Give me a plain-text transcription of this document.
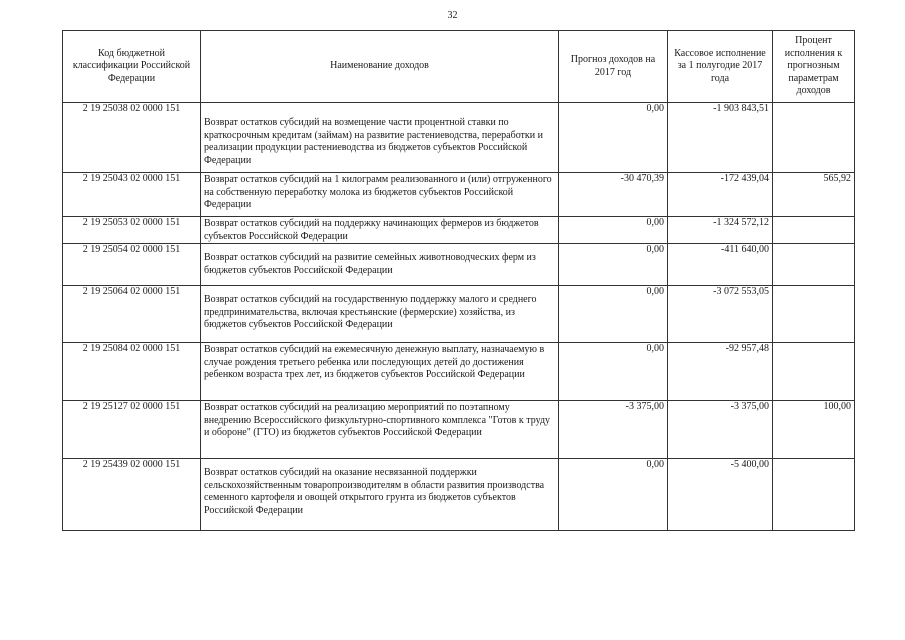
32
Код бюджетной классификации Российской Федерации	Наименование доходов	Прогноз доходов на 2017 год	Кассовое исполнение за 1 полугодие 2017 года	Процент исполнения к прогнозным параметрам доходов
2 19 25038 02 0000 151	Возврат остатков субсидий на возмещение части процентной ставки по краткосрочным кредитам (займам) на развитие растениеводства, переработки и реализации продукции растениеводства из бюджетов субъектов Российской Федерации	0,00	-1 903 843,51	
2 19 25043 02 0000 151	Возврат остатков субсидий на 1 килограмм реализованного и (или) отгруженного на собственную переработку молока из бюджетов субъектов Российской Федерации	-30 470,39	-172 439,04	565,92
2 19 25053 02 0000 151	Возврат остатков субсидий на поддержку начинающих фермеров из бюджетов субъектов Российской Федерации	0,00	-1 324 572,12	
2 19 25054 02 0000 151	Возврат остатков субсидий на развитие семейных животноводческих ферм из бюджетов субъектов Российской Федерации	0,00	-411 640,00	
2 19 25064 02 0000 151	Возврат остатков субсидий на государственную поддержку малого и среднего предпринимательства, включая крестьянские (фермерские) хозяйства, из бюджетов субъектов Российской Федерации	0,00	-3 072 553,05	
2 19 25084 02 0000 151	Возврат остатков субсидий на ежемесячную денежную выплату, назначаемую в случае рождения третьего ребенка или последующих детей до достижения ребенком возраста трех лет, из бюджетов субъектов Российской Федерации	0,00	-92 957,48	
2 19 25127 02 0000 151	Возврат остатков субсидий на реализацию мероприятий по поэтапному внедрению Всероссийского физкультурно-спортивного комплекса "Готов к труду и обороне" (ГТО) из бюджетов субъектов Российской Федерации	-3 375,00	-3 375,00	100,00
2 19 25439 02 0000 151	Возврат остатков субсидий на оказание несвязанной поддержки сельскохозяйственным товаропроизводителям в области развития производства семенного картофеля и овощей открытого грунта из бюджетов субъектов Российской Федерации	0,00	-5 400,00	
